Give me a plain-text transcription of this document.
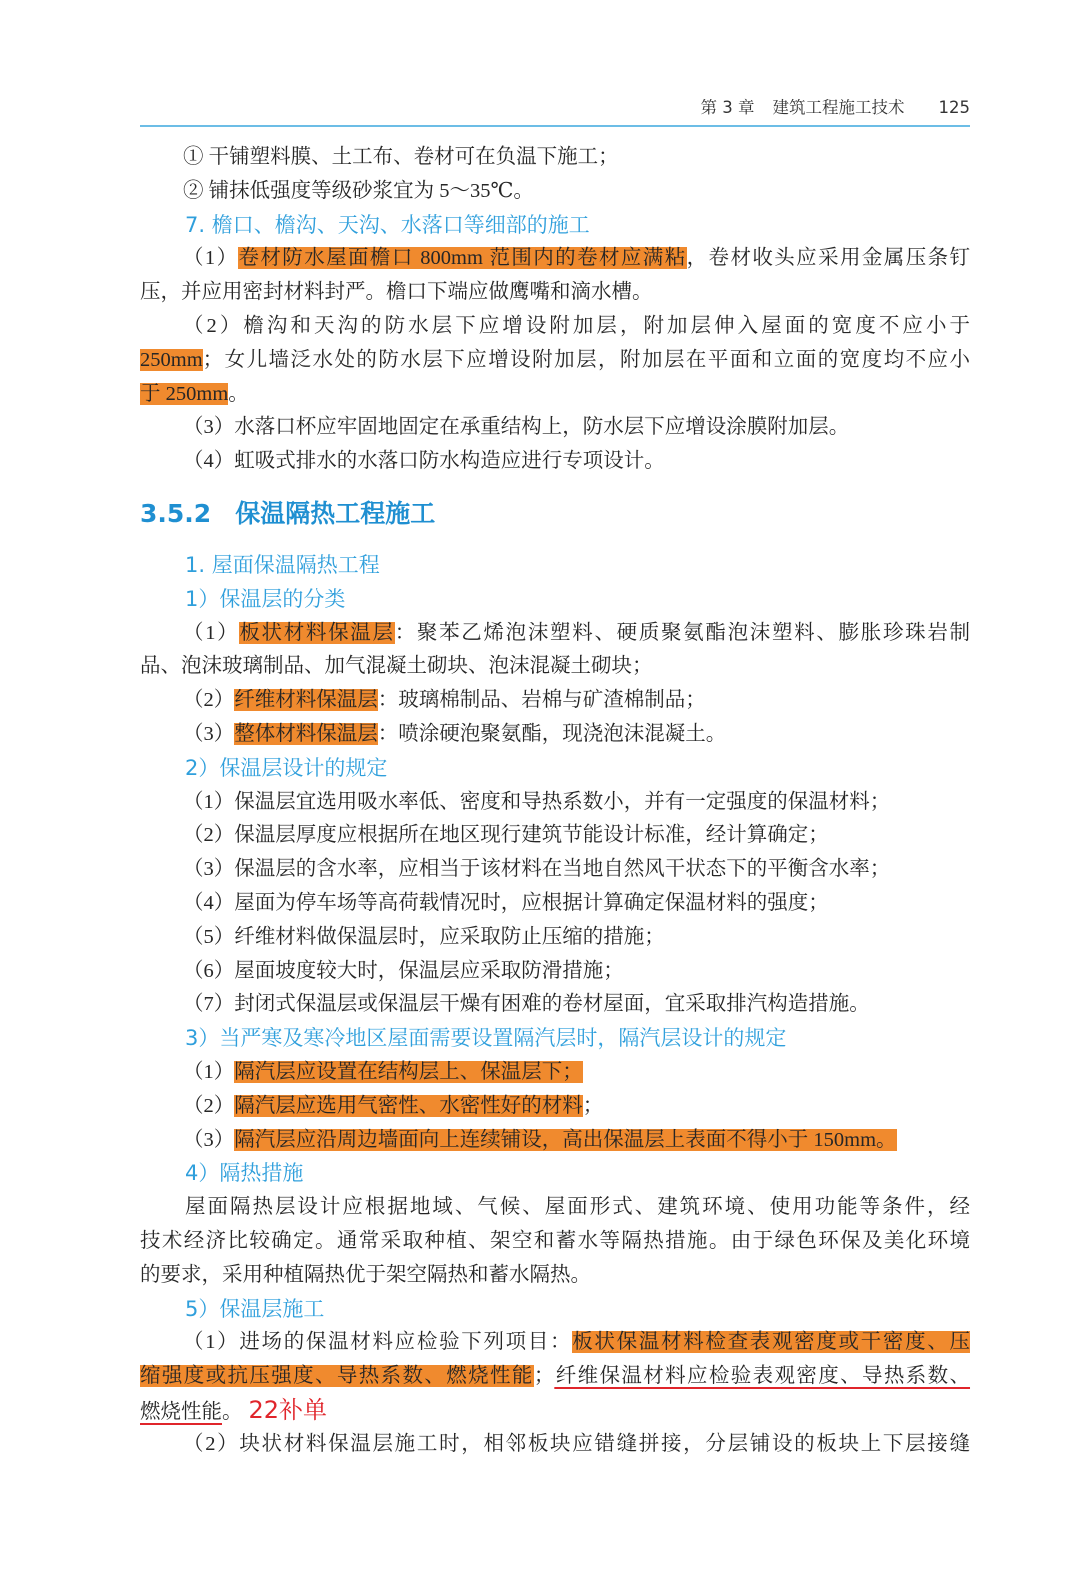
第 3 章 建筑工程施工技术 125
① 干铺塑料膜、土工布、卷材可在负温下施工；
② 铺抹低强度等级砂浆宜为 5～35℃。
7. 檐口、檐沟、天沟、水落口等细部的施工
（1）卷材防水屋面檐口 800mm 范围内的卷材应满粘，卷材收头应采用金属压条钉
压，并应用密封材料封严。檐口下端应做鹰嘴和滴水槽。
（2）檐沟和天沟的防水层下应增设附加层，附加层伸入屋面的宽度不应小于
250mm；女儿墙泛水处的防水层下应增设附加层，附加层在平面和立面的宽度均不应小
于 250mm。
（3）水落口杯应牢固地固定在承重结构上，防水层下应增设涂膜附加层。
（4）虹吸式排水的水落口防水构造应进行专项设计。
3.5.2 保温隔热工程施工
1. 屋面保温隔热工程
1）保温层的分类
（1）板状材料保温层：聚苯乙烯泡沫塑料、硬质聚氨酯泡沫塑料、膨胀珍珠岩制
品、泡沫玻璃制品、加气混凝土砌块、泡沫混凝土砌块；
（2）纤维材料保温层：玻璃棉制品、岩棉与矿渣棉制品；
（3）整体材料保温层：喷涂硬泡聚氨酯，现浇泡沫混凝土。
2）保温层设计的规定
（1）保温层宜选用吸水率低、密度和导热系数小，并有一定强度的保温材料；
（2）保温层厚度应根据所在地区现行建筑节能设计标准，经计算确定；
（3）保温层的含水率，应相当于该材料在当地自然风干状态下的平衡含水率；
（4）屋面为停车场等高荷载情况时，应根据计算确定保温材料的强度；
（5）纤维材料做保温层时，应采取防止压缩的措施；
（6）屋面坡度较大时，保温层应采取防滑措施；
（7）封闭式保温层或保温层干燥有困难的卷材屋面，宜采取排汽构造措施。
3）当严寒及寒冷地区屋面需要设置隔汽层时，隔汽层设计的规定
（1）隔汽层应设置在结构层上、保温层下；
（2）隔汽层应选用气密性、水密性好的材料；
（3）隔汽层应沿周边墙面向上连续铺设，高出保温层上表面不得小于 150mm。
4）隔热措施
屋面隔热层设计应根据地域、气候、屋面形式、建筑环境、使用功能等条件，经
技术经济比较确定。通常采取种植、架空和蓄水等隔热措施。由于绿色环保及美化环境
的要求，采用种植隔热优于架空隔热和蓄水隔热。
5）保温层施工
（1）进场的保温材料应检验下列项目：板状保温材料检查表观密度或干密度、压
缩强度或抗压强度、导热系数、燃烧性能；纤维保温材料应检验表观密度、导热系数、
燃烧性能。 22补单
（2）块状材料保温层施工时，相邻板块应错缝拼接，分层铺设的板块上下层接缝
